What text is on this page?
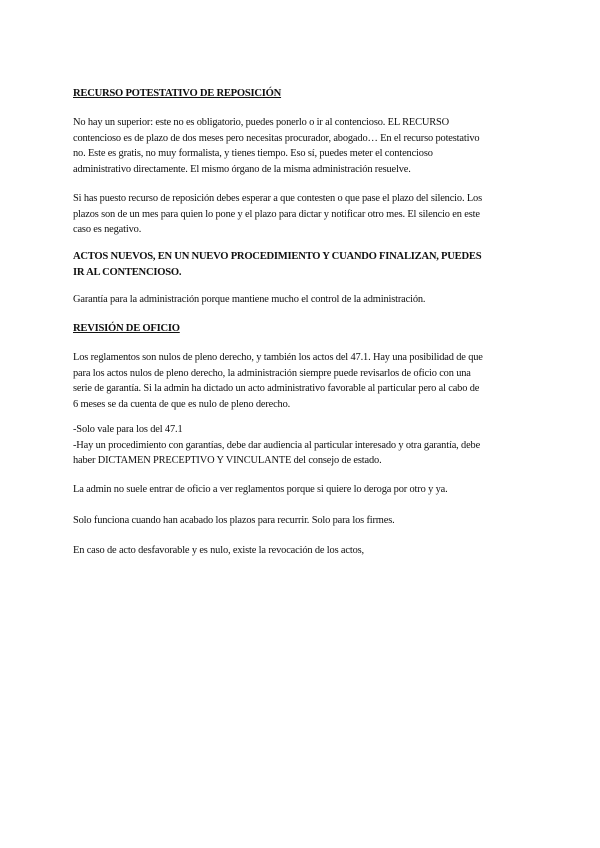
RECURSO POTESTATIVO DE REPOSICIÓN

No hay un superior: este no es obligatorio, puedes ponerlo o ir al contencioso. EL RECURSO
contencioso es de plazo de dos meses pero necesitas procurador, abogado… En el recurso potestativo
no. Este es gratis, no muy formalista, y tienes tiempo. Eso sí, puedes meter el contencioso
administrativo directamente. El mismo órgano de la misma administración resuelve.

Si has puesto recurso de reposición debes esperar a que contesten o que pase el plazo del silencio. Los
plazos son de un mes para quien lo pone y el plazo para dictar y notificar otro mes. El silencio en este
caso es negativo.

ACTOS NUEVOS, EN UN NUEVO PROCEDIMIENTO Y CUANDO FINALIZAN, PUEDES
IR AL CONTENCIOSO.

Garantía para la administración porque mantiene mucho el control de la administración.

REVISIÓN DE OFICIO

Los reglamentos son nulos de pleno derecho, y también los actos del 47.1. Hay una posibilidad de que
para los actos nulos de pleno derecho, la administración siempre puede revisarlos de oficio con una
serie de garantía. Si la admin ha dictado un acto administrativo favorable al particular pero al cabo de
6 meses se da cuenta de que es nulo de pleno derecho.

-Solo vale para los del 47.1
-Hay un procedimiento con garantías, debe dar audiencia al particular interesado y otra garantía, debe
haber DICTAMEN PRECEPTIVO Y VINCULANTE del consejo de estado.

La admin no suele entrar de oficio a ver reglamentos porque si quiere lo deroga por otro y ya.

Solo funciona cuando han acabado los plazos para recurrir. Solo para los firmes.

En caso de acto desfavorable y es nulo, existe la revocación de los actos,
